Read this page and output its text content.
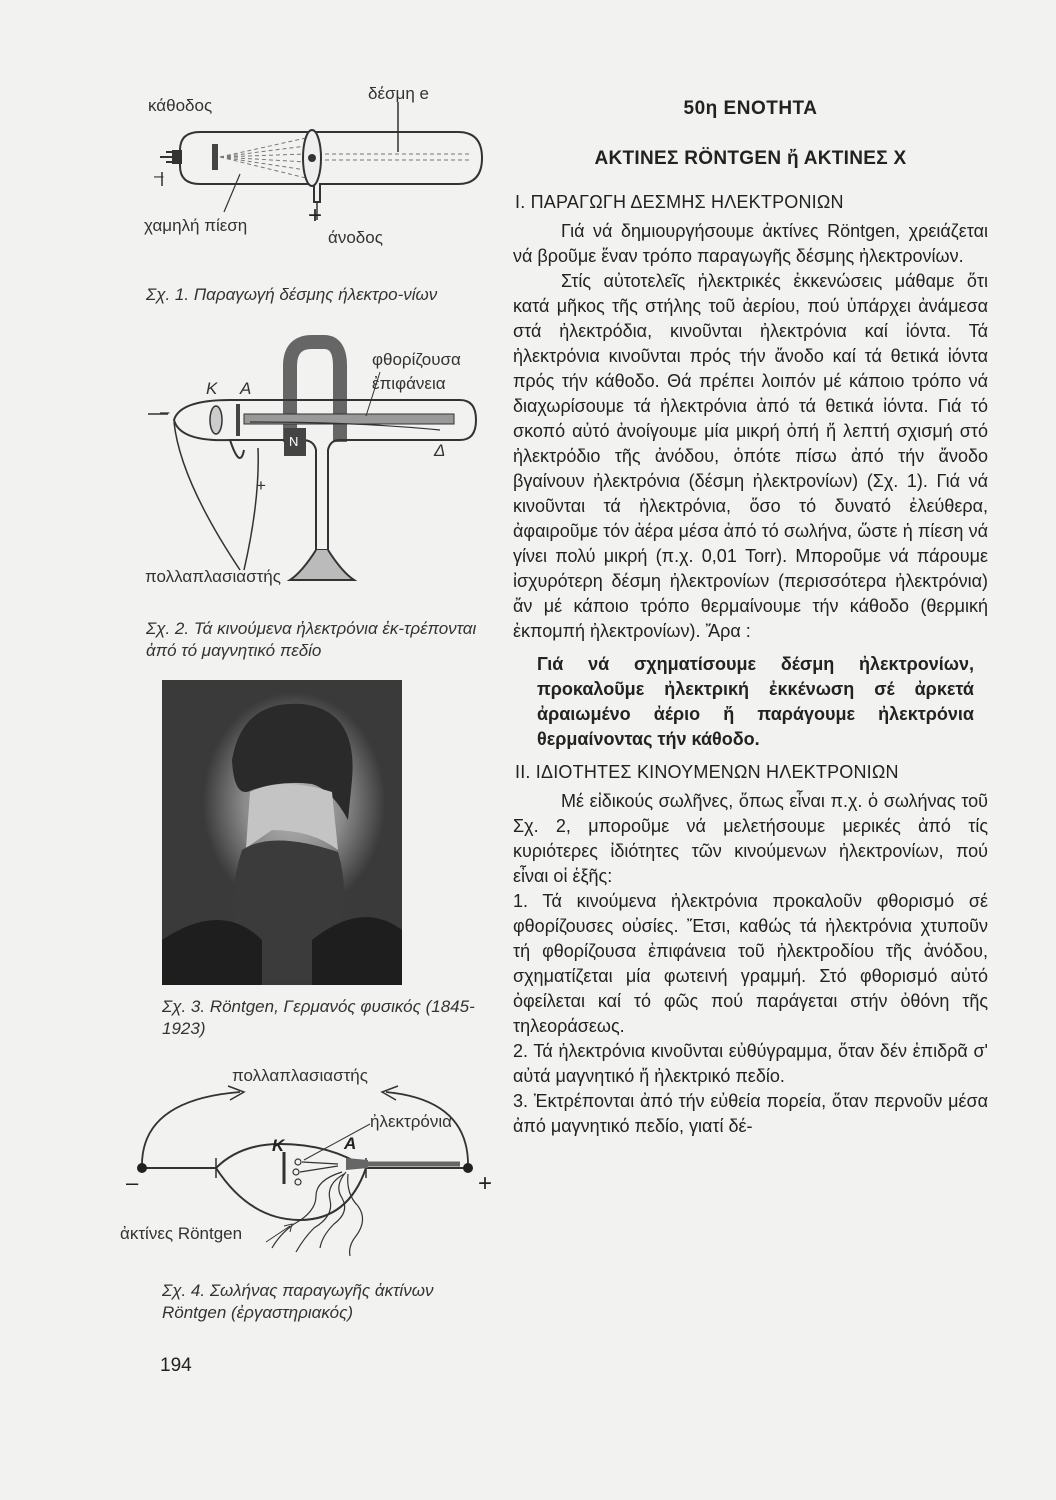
κάθοδος
δέσμη e
–
χαμηλή πίεση	+
άνοδος
Σχ. 1. Παραγωγή δέσμης ήλεκτρο-νίων
φθορίζουσα ἐπιφάνεια
K A
N	Δ
–
+
πολλαπλασιαστής
Σχ. 2. Τά κινούμενα ἠλεκτρόνια ἐκ-τρέπονται ἀπό τό μαγνητικό πεδίο
Σχ. 3. Röntgen, Γερμανός φυσικός (1845-1923)
πολλαπλασιαστής
ἠλεκτρόνια
K	A
–	+
ἀκτίνες Röntgen
Σχ. 4. Σωλήνας παραγωγῆς ἀκτίνων Röntgen (ἐργαστηριακός)
194
50η ΕΝΟΤΗΤΑ
ΑΚΤΙΝΕΣ RÖNTGEN ἤ ΑΚΤΙΝΕΣ Χ
Ι. ΠΑΡΑΓΩΓΗ ΔΕΣΜΗΣ ΗΛΕΚΤΡΟΝΙΩΝ

Γιά νά δημιουργήσουμε ἀκτίνες Röntgen, χρειάζεται νά βροῦμε ἕναν τρόπο παραγωγῆς δέσμης ἠλεκτρονίων.

Στίς αὐτοτελεῖς ἠλεκτρικές ἐκκενώσεις μάθαμε ὅτι κατά μῆκος τῆς στήλης τοῦ ἀερίου, πού ὑπάρχει ἀνάμεσα στά ἠλεκτρόδια, κινοῦνται ἠλεκτρόνια καί ἰόντα. Τά ἠλεκτρόνια κινοῦνται πρός τήν ἄνοδο καί τά θετικά ἰόντα πρός τήν κάθοδο. Θά πρέπει λοιπόν μέ κάποιο τρόπο νά διαχωρίσουμε τά ἠλεκτρόνια ἀπό τά θετικά ἰόντα. Γιά τό σκοπό αὐτό ἀνοίγουμε μία μικρή ὀπή ἤ λεπτή σχισμή στό ἠλεκτρόδιο τῆς ἀνόδου, ὁπότε πίσω ἀπό τήν ἄνοδο βγαίνουν ἠλεκτρόνια (δέσμη ἠλεκτρονίων) (Σχ. 1). Γιά νά κινοῦνται τά ἠλεκτρόνια, ὅσο τό δυνατό ἐλεύθερα, ἀφαιροῦμε τόν ἀέρα μέσα ἀπό τό σωλήνα, ὥστε ἡ πίεση νά γίνει πολύ μικρή (π.χ. 0,01 Torr). Μποροῦμε νά πάρουμε ἰσχυρότερη δέσμη ἠλεκτρονίων (περισσότερα ἠλεκτρόνια) ἄν μέ κάποιο τρόπο θερμαίνουμε τήν κάθοδο (θερμική ἐκπομπή ἠλεκτρονίων). Ἄρα :

Γιά νά σχηματίσουμε δέσμη ἠλεκτρονίων, προκαλοῦμε ἠλεκτρική ἐκκένωση σέ ἀρκετά ἀραιωμένο ἀέριο ἤ παράγουμε ἠλεκτρόνια θερμαίνοντας τήν κάθοδο.
ΙΙ. ΙΔΙΟΤΗΤΕΣ ΚΙΝΟΥΜΕΝΩΝ ΗΛΕΚΤΡΟΝΙΩΝ

Μέ εἰδικούς σωλῆνες, ὅπως εἶναι π.χ. ὁ σωλήνας τοῦ Σχ. 2, μποροῦμε νά μελετήσουμε μερικές ἀπό τίς κυριότερες ἰδιότητες τῶν κινούμενων ἠλεκτρονίων, πού εἶναι οἱ ἑξῆς:

1. Τά κινούμενα ἠλεκτρόνια προκαλοῦν φθορισμό σέ φθορίζουσες οὐσίες. Ἔτσι, καθώς τά ἠλεκτρόνια χτυποῦν τή φθορίζουσα ἐπιφάνεια τοῦ ἠλεκτροδίου τῆς ἀνόδου, σχηματίζεται μία φωτεινή γραμμή. Στό φθορισμό αὐτό ὀφείλεται καί τό φῶς πού παράγεται στήν ὀθόνη τῆς τηλεοράσεως.

2. Τά ἠλεκτρόνια κινοῦνται εὐθύγραμμα, ὅταν δέν ἐπιδρᾶ σ' αὐτά μαγνητικό ἤ ἠλεκτρικό πεδίο.

3. Ἐκτρέπονται ἀπό τήν εὐθεία πορεία, ὅταν περνοῦν μέσα ἀπό μαγνητικό πεδίο, γιατί δέ-
